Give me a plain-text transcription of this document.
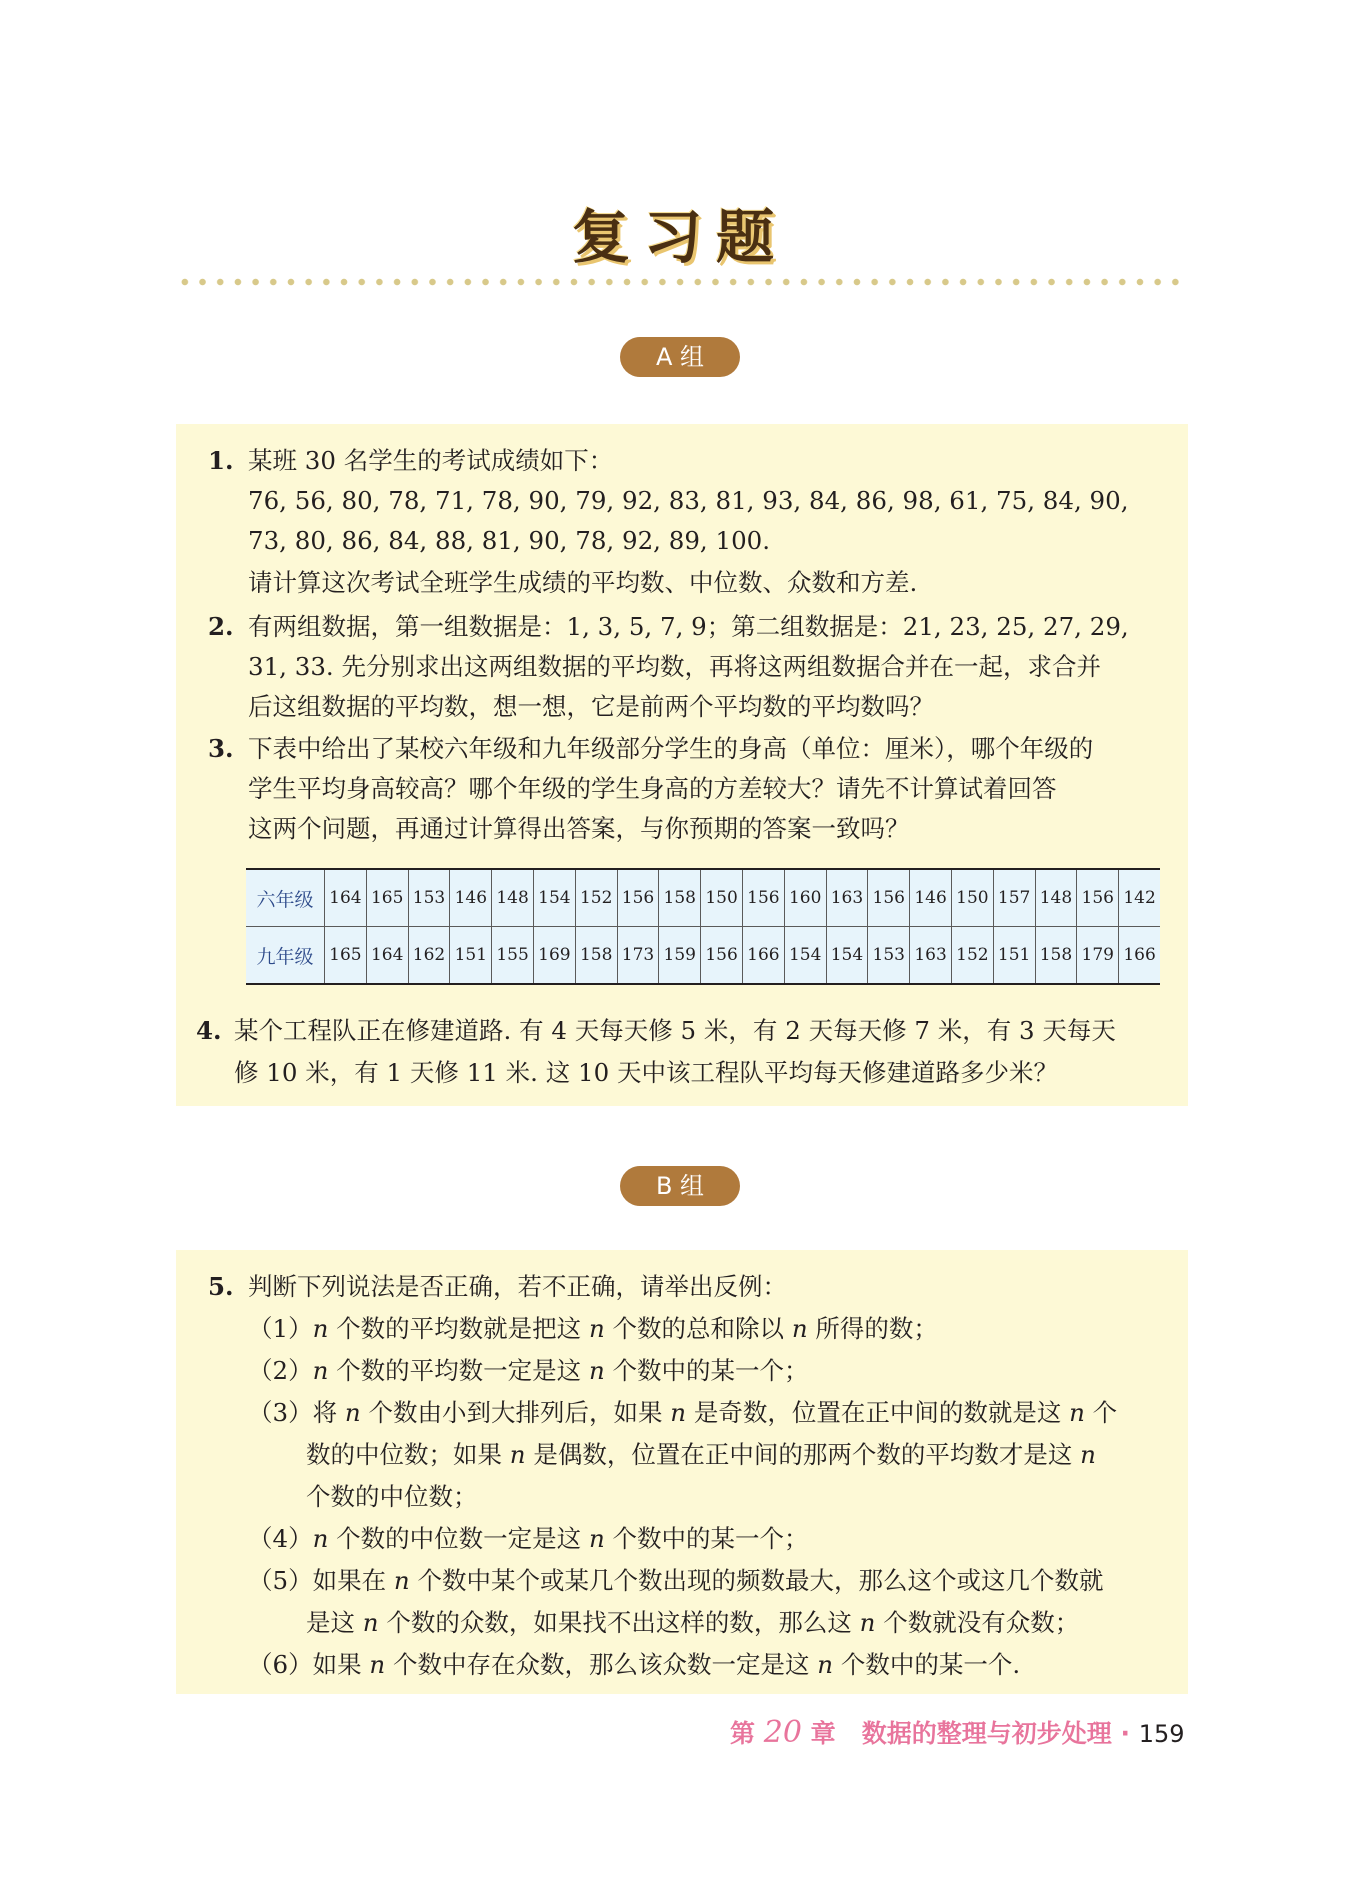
复习题
A 组
1. 某班 30 名学生的考试成绩如下：
76, 56, 80, 78, 71, 78, 90, 79, 92, 83, 81, 93, 84, 86, 98, 61, 75, 84, 90,
73, 80, 86, 84, 88, 81, 90, 78, 92, 89, 100.
请计算这次考试全班学生成绩的平均数、中位数、众数和方差.
2. 有两组数据，第一组数据是：1, 3, 5, 7, 9；第二组数据是：21, 23, 25, 27, 29,
31, 33. 先分别求出这两组数据的平均数，再将这两组数据合并在一起，求合并
后这组数据的平均数，想一想，它是前两个平均数的平均数吗？
3. 下表中给出了某校六年级和九年级部分学生的身高（单位：厘米），哪个年级的
学生平均身高较高？哪个年级的学生身高的方差较大？请先不计算试着回答
这两个问题，再通过计算得出答案，与你预期的答案一致吗？
六年级	164	165	153	146	148	154	152	156	158	150	156	160	163	156	146	150	157	148	156	142
九年级	165	164	162	151	155	169	158	173	159	156	166	154	154	153	163	152	151	158	179	166
4. 某个工程队正在修建道路. 有 4 天每天修 5 米，有 2 天每天修 7 米，有 3 天每天
修 10 米，有 1 天修 11 米. 这 10 天中该工程队平均每天修建道路多少米？
B 组
5. 判断下列说法是否正确，若不正确，请举出反例：
（1）n 个数的平均数就是把这 n 个数的总和除以 n 所得的数；
（2）n 个数的平均数一定是这 n 个数中的某一个；
（3）将 n 个数由小到大排列后，如果 n 是奇数，位置在正中间的数就是这 n 个
数的中位数；如果 n 是偶数，位置在正中间的那两个数的平均数才是这 n
个数的中位数；
（4）n 个数的中位数一定是这 n 个数中的某一个；
（5）如果在 n 个数中某个或某几个数出现的频数最大，那么这个或这几个数就
是这 n 个数的众数，如果找不出这样的数，那么这 n 个数就没有众数；
（6）如果 n 个数中存在众数，那么该众数一定是这 n 个数中的某一个.
第 20 章 数据的整理与初步处理 · 159
